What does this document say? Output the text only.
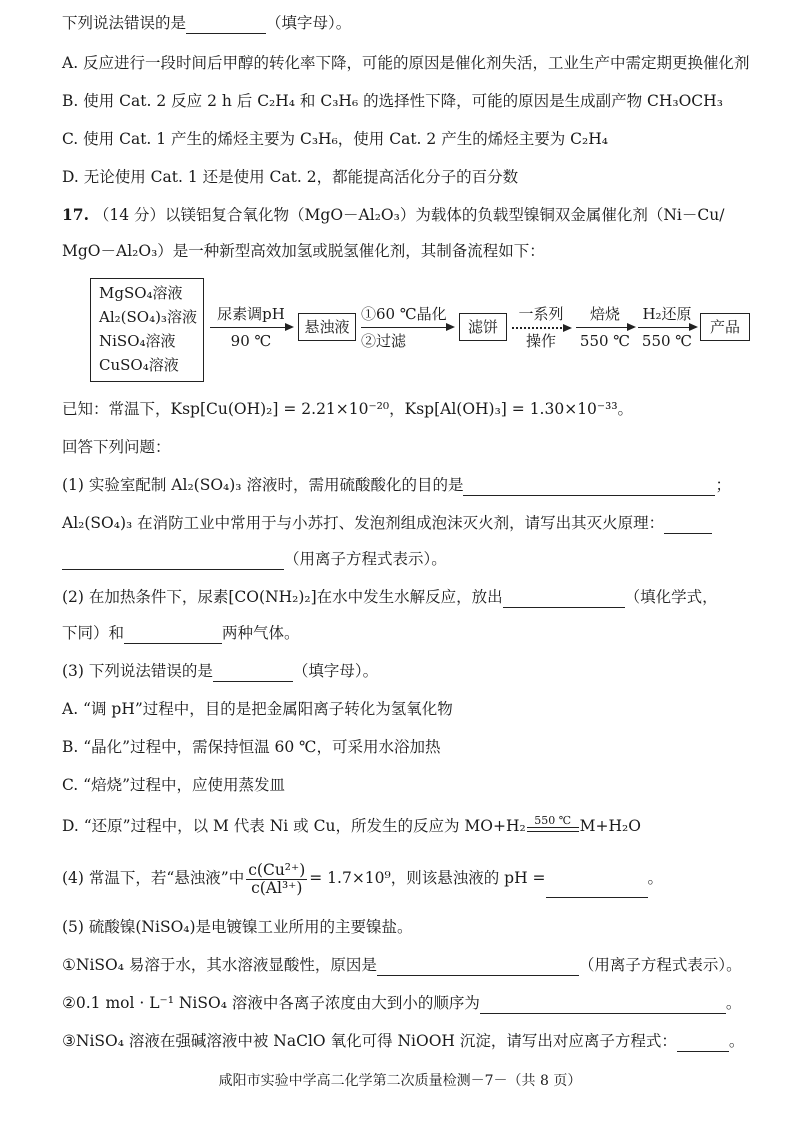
下列说法错误的是	（填字母）。
A. 反应进行一段时间后甲醇的转化率下降，可能的原因是催化剂失活，工业生产中需定期更换催化剂
B. 使用 Cat. 2 反应 2 h 后 C₂H₄ 和 C₃H₆ 的选择性下降，可能的原因是生成副产物 CH₃OCH₃
C. 使用 Cat. 1 产生的烯烃主要为 C₃H₆，使用 Cat. 2 产生的烯烃主要为 C₂H₄
D. 无论使用 Cat. 1 还是使用 Cat. 2，都能提高活化分子的百分数
17. （14 分）以镁铝复合氧化物（MgO－Al₂O₃）为载体的负载型镍铜双金属催化剂（Ni－Cu/
MgO－Al₂O₃）是一种新型高效加氢或脱氢催化剂，其制备流程如下：
MgSO₄溶液
Al₂(SO₄)₃溶液
NiSO₄溶液
CuSO₄溶液
尿素调pH
90 ℃
悬浊液
①60 ℃晶化
②过滤
滤饼
一系列
操作
焙烧
550 ℃
H₂还原
550 ℃
产品
已知：常温下，Ksp[Cu(OH)₂] = 2.21×10⁻²⁰，Ksp[Al(OH)₃] = 1.30×10⁻³³。
回答下列问题：
(1) 实验室配制 Al₂(SO₄)₃ 溶液时，需用硫酸酸化的目的是	；
Al₂(SO₄)₃ 在消防工业中常用于与小苏打、发泡剂组成泡沫灭火剂，请写出其灭火原理：
（用离子方程式表示）。
(2) 在加热条件下，尿素[CO(NH₂)₂]在水中发生水解反应，放出	（填化学式，
下同）和	两种气体。
(3) 下列说法错误的是	（填字母）。
A. “调 pH”过程中，目的是把金属阳离子转化为氢氧化物
B. “晶化”过程中，需保持恒温 60 ℃，可采用水浴加热
C. “焙烧”过程中，应使用蒸发皿
D. “还原”过程中，以 M 代表 Ni 或 Cu，所发生的反应为 MO+H₂ 550 ℃ M+H₂O
(4) 常温下，若“悬浊液”中 $\frac{\text{c(Cu²⁺)}}{\text{c(Al³⁺)}} = 1.7\times 10^9$，则该悬浊液的 pH =	。
(5) 硫酸镍(NiSO₄)是电镀镍工业所用的主要镍盐。
①NiSO₄ 易溶于水，其水溶液显酸性，原因是	（用离子方程式表示）。
②0.1 mol · L⁻¹ NiSO₄ 溶液中各离子浓度由大到小的顺序为	。
③NiSO₄ 溶液在强碱溶液中被 NaClO 氧化可得 NiOOH 沉淀，请写出对应离子方程式：	。
咸阳市实验中学高二化学第二次质量检测－7－（共 8 页）
